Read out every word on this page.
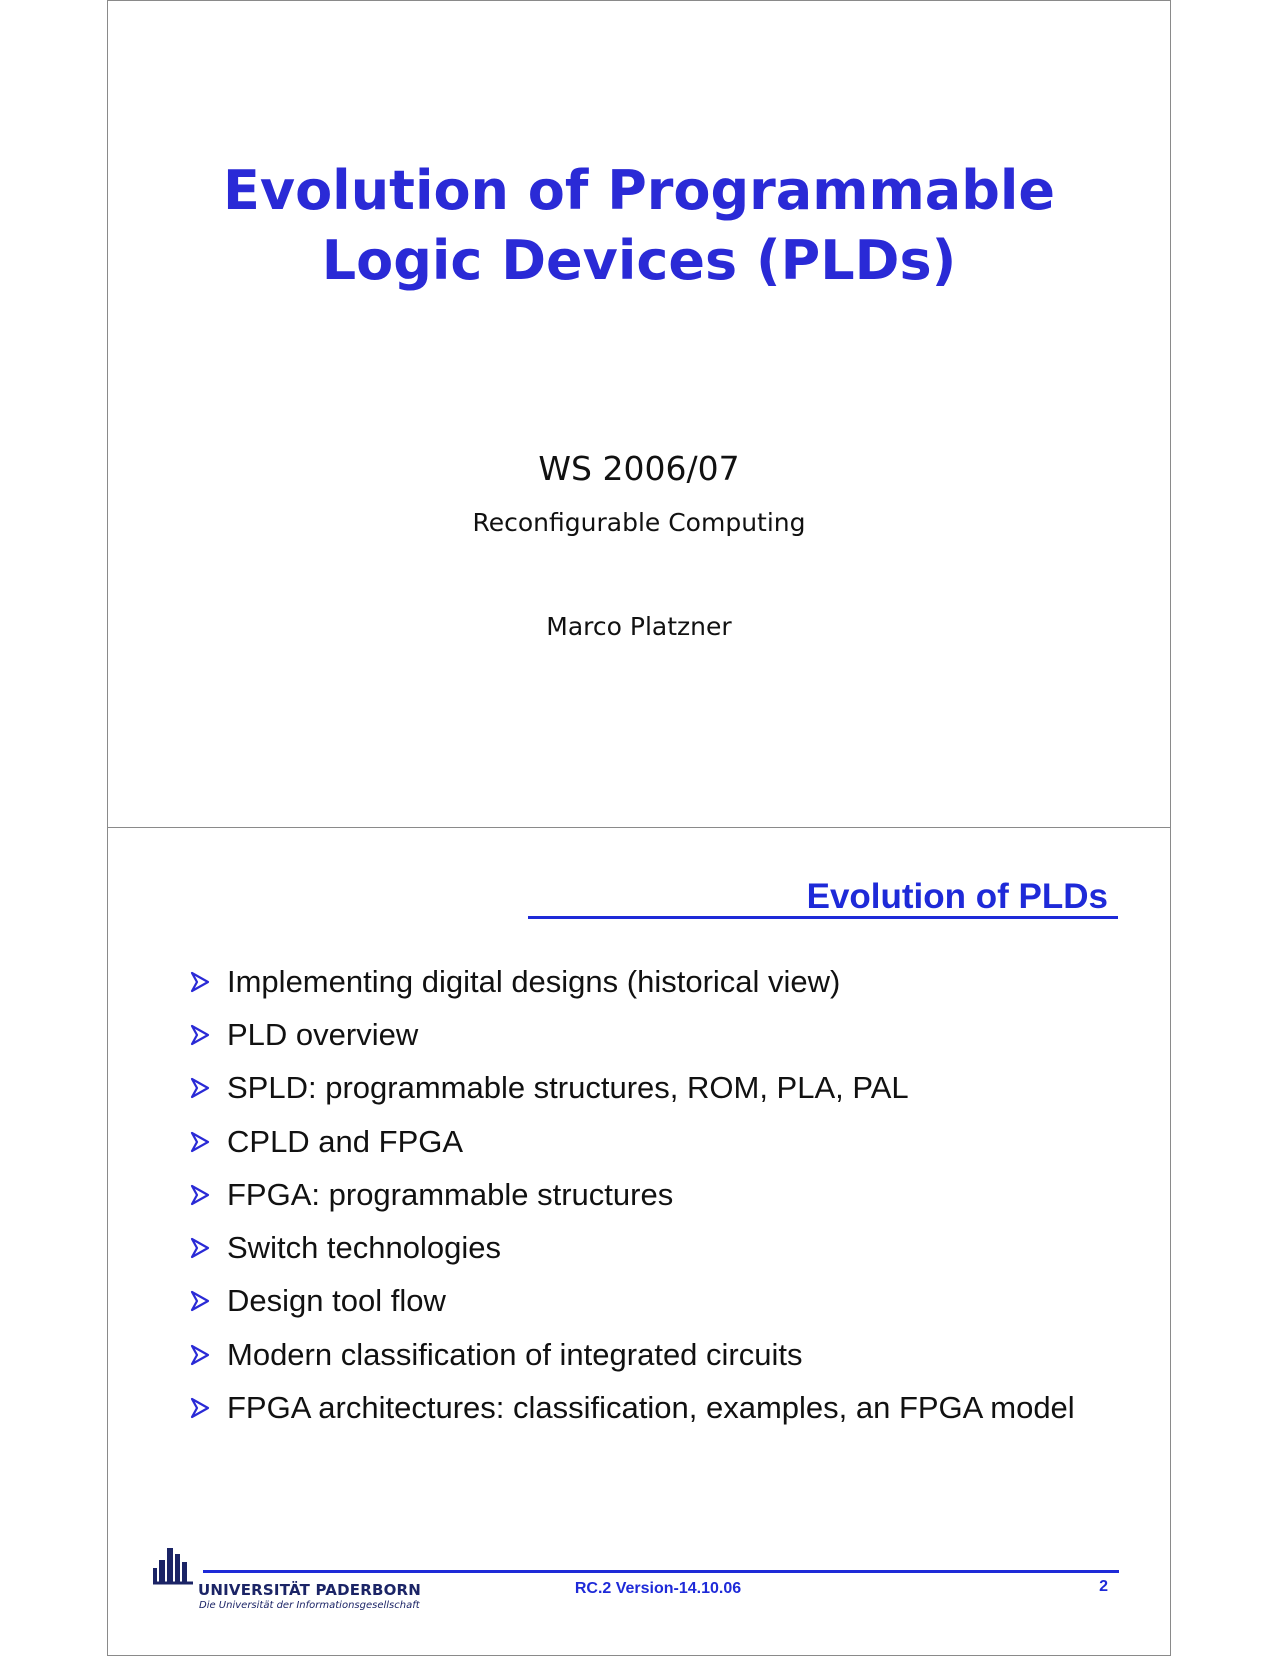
Evolution of Programmable
Logic Devices (PLDs)
WS 2006/07
Reconfigurable Computing
Marco Platzner
Evolution of PLDs
Implementing digital designs (historical view)
PLD overview
SPLD: programmable structures, ROM, PLA, PAL
CPLD and FPGA
FPGA: programmable structures
Switch technologies
Design tool flow
Modern classification of integrated circuits
FPGA architectures: classification, examples, an FPGA model
UNIVERSITÄT PADERBORN
Die Universität der Informationsgesellschaft
RC.2 Version-14.10.06	2
